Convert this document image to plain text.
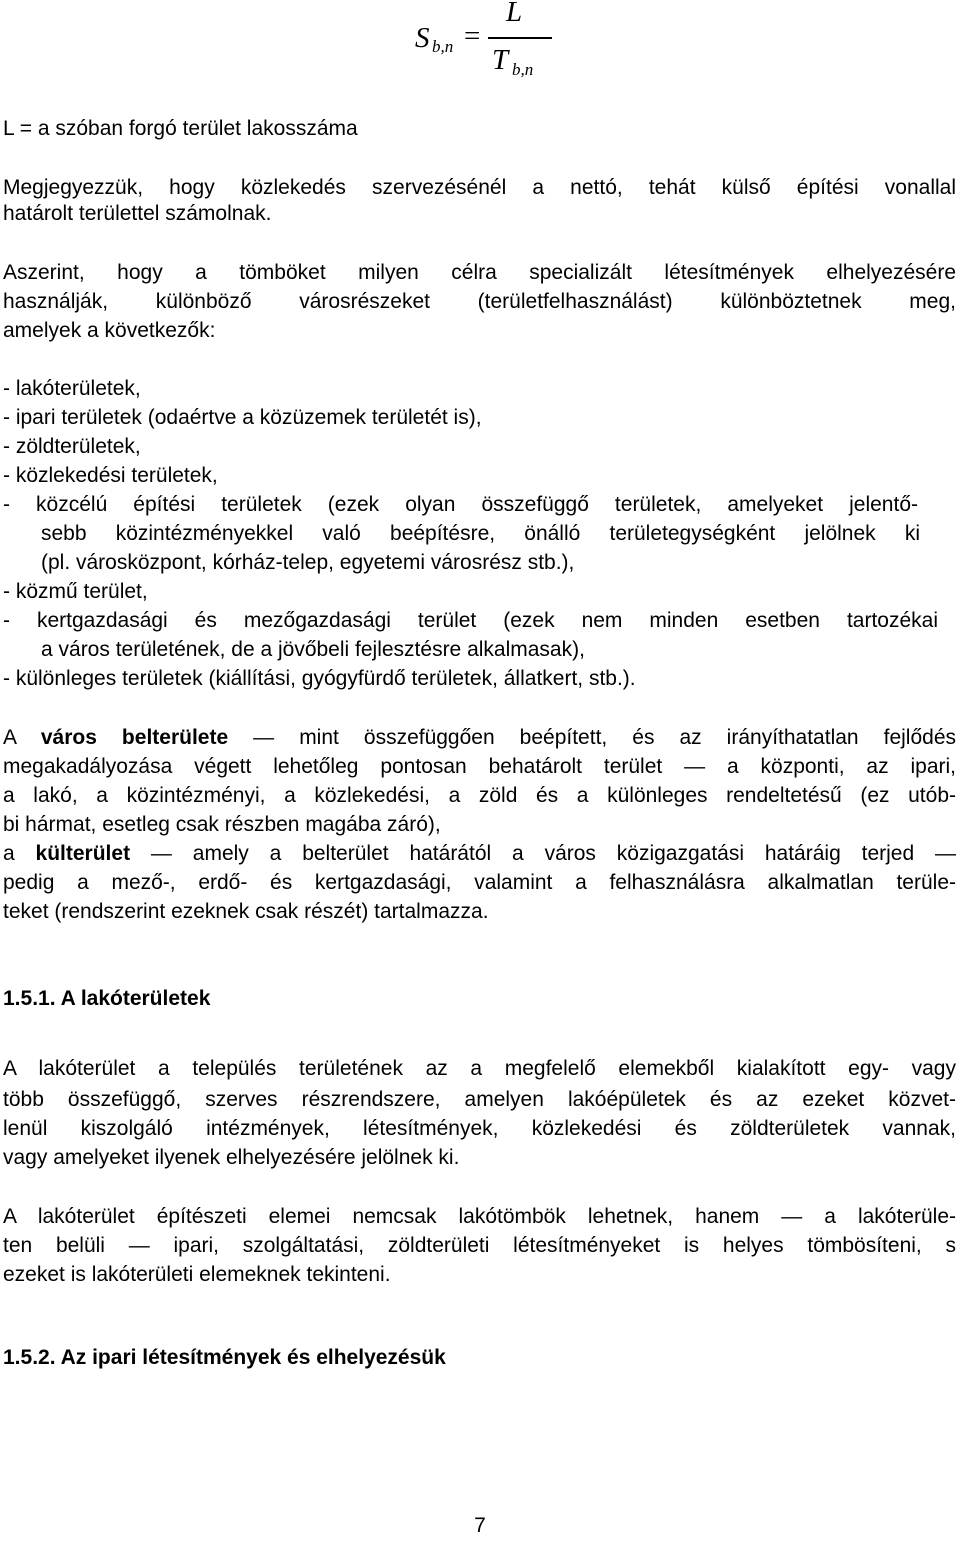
S b,n =
L
T b,n
L = a szóban forgó terület lakosszáma
Megjegyezzük, hogy közlekedés szervezésénél a nettó, tehát külső építési vonallal
határolt területtel számolnak.
Aszerint, hogy a tömböket milyen célra specializált létesítmények elhelyezésére
használják, különböző városrészeket (területfelhasználást) különböztetnek meg,
amelyek a következők:
- lakóterületek,
- ipari területek (odaértve a közüzemek területét is),
- zöldterületek,
- közlekedési területek,
- közcélú építési területek (ezek olyan összefüggő területek, amelyeket jelentő-
sebb közintézményekkel való beépítésre, önálló területegységként jelölnek ki
(pl. városközpont, kórház-telep, egyetemi városrész stb.),
- közmű terület,
- kertgazdasági és mezőgazdasági terület (ezek nem minden esetben tartozékai
a város területének, de a jövőbeli fejlesztésre alkalmasak),
- különleges területek (kiállítási, gyógyfürdő területek, állatkert, stb.).
A város belterülete — mint összefüggően beépített, és az irányíthatatlan fejlődés
megakadályozása végett lehetőleg pontosan behatárolt terület — a központi, az ipari,
a lakó, a közintézményi, a közlekedési, a zöld és a különleges rendeltetésű (ez utób-
bi hármat, esetleg csak részben magába záró),
a külterület — amely a belterület határától a város közigazgatási határáig terjed —
pedig a mező-, erdő- és kertgazdasági, valamint a felhasználásra alkalmatlan terüle-
teket (rendszerint ezeknek csak részét) tartalmazza.
1.5.1. A lakóterületek
A lakóterület a település területének az a megfelelő elemekből kialakított egy- vagy
több összefüggő, szerves részrendszere, amelyen lakóépületek és az ezeket közvet-
lenül kiszolgáló intézmények, létesítmények, közlekedési és zöldterületek vannak,
vagy amelyeket ilyenek elhelyezésére jelölnek ki.
A lakóterület építészeti elemei nemcsak lakótömbök lehetnek, hanem — a lakóterüle-
ten belüli — ipari, szolgáltatási, zöldterületi létesítményeket is helyes tömbösíteni, s
ezeket is lakóterületi elemeknek tekinteni.
1.5.2. Az ipari létesítmények és elhelyezésük
7
